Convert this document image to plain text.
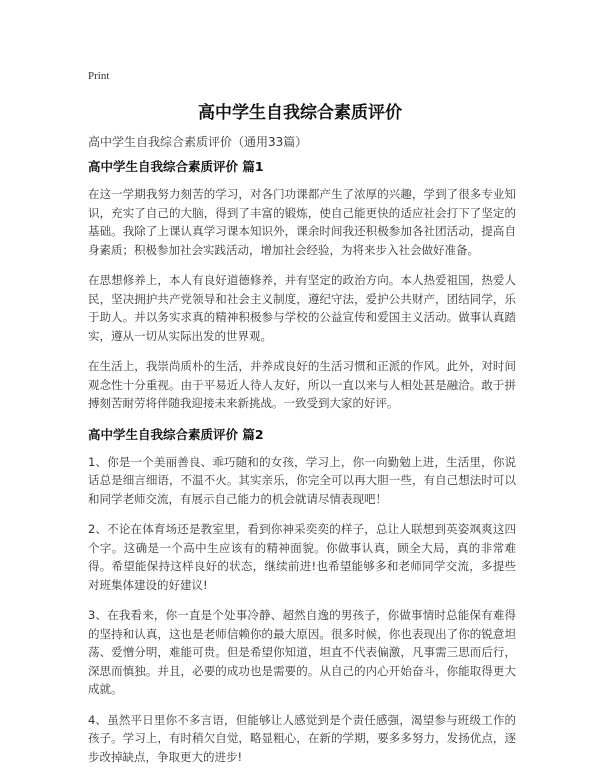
Print
高中学生自我综合素质评价
高中学生自我综合素质评价（通用33篇）
高中学生自我综合素质评价 篇1

在这一学期我努力刻苦的学习，对各门功课都产生了浓厚的兴趣，学到了很多专业知识，充实了自己的大脑，得到了丰富的锻炼，使自己能更快的适应社会打下了坚定的基础。我除了上课认真学习课本知识外，课余时间我还积极参加各社团活动，提高自身素质；积极参加社会实践活动，增加社会经验，为将来步入社会做好准备。

在思想修养上，本人有良好道德修养，并有坚定的政治方向。本人热爱祖国，热爱人民，坚决拥护共产党领导和社会主义制度，遵纪守法，爱护公共财产，团结同学，乐于助人。并以务实求真的精神积极参与学校的公益宣传和爱国主义活动。做事认真踏实，遵从一切从实际出发的世界观。

在生活上，我崇尚质朴的生活，并养成良好的生活习惯和正派的作风。此外，对时间观念性十分重视。由于平易近人待人友好，所以一直以来与人相处甚是融洽。敢于拼搏刻苦耐劳将伴随我迎接未来新挑战。一致受到大家的好评。

高中学生自我综合素质评价 篇2

1、你是一个美丽善良、乖巧随和的女孩，学习上，你一向勤勉上进，生活里，你说话总是细言细语，不温不火。其实亲乐，你完全可以再大胆一些，有自己想法时可以和同学老师交流，有展示自己能力的机会就请尽情表现吧！

2、不论在体育场还是教室里，看到你神采奕奕的样子，总让人联想到英姿飒爽这四个字。这确是一个高中生应该有的精神面貌。你做事认真，顾全大局，真的非常难得。希望能保持这样良好的状态，继续前进!也希望能够多和老师同学交流，多提些对班集体建设的好建议!

3、在我看来，你一直是个处事冷静、超然自逸的男孩子，你做事情时总能保有难得的坚持和认真，这也是老师信赖你的最大原因。很多时候，你也表现出了你的锐意坦荡、爱憎分明，难能可贵。但是希望你知道，坦直不代表偏激，凡事需三思而后行，深思而慎独。并且，必要的成功也是需要的。从自己的内心开始奋斗，你能取得更大成就。

4、虽然平日里你不多言语，但能够让人感觉到是个责任感强，渴望参与班级工作的孩子。学习上，有时稍欠自觉，略显粗心，在新的学期，要多多努力，发扬优点，逐步改掉缺点，争取更大的进步!
